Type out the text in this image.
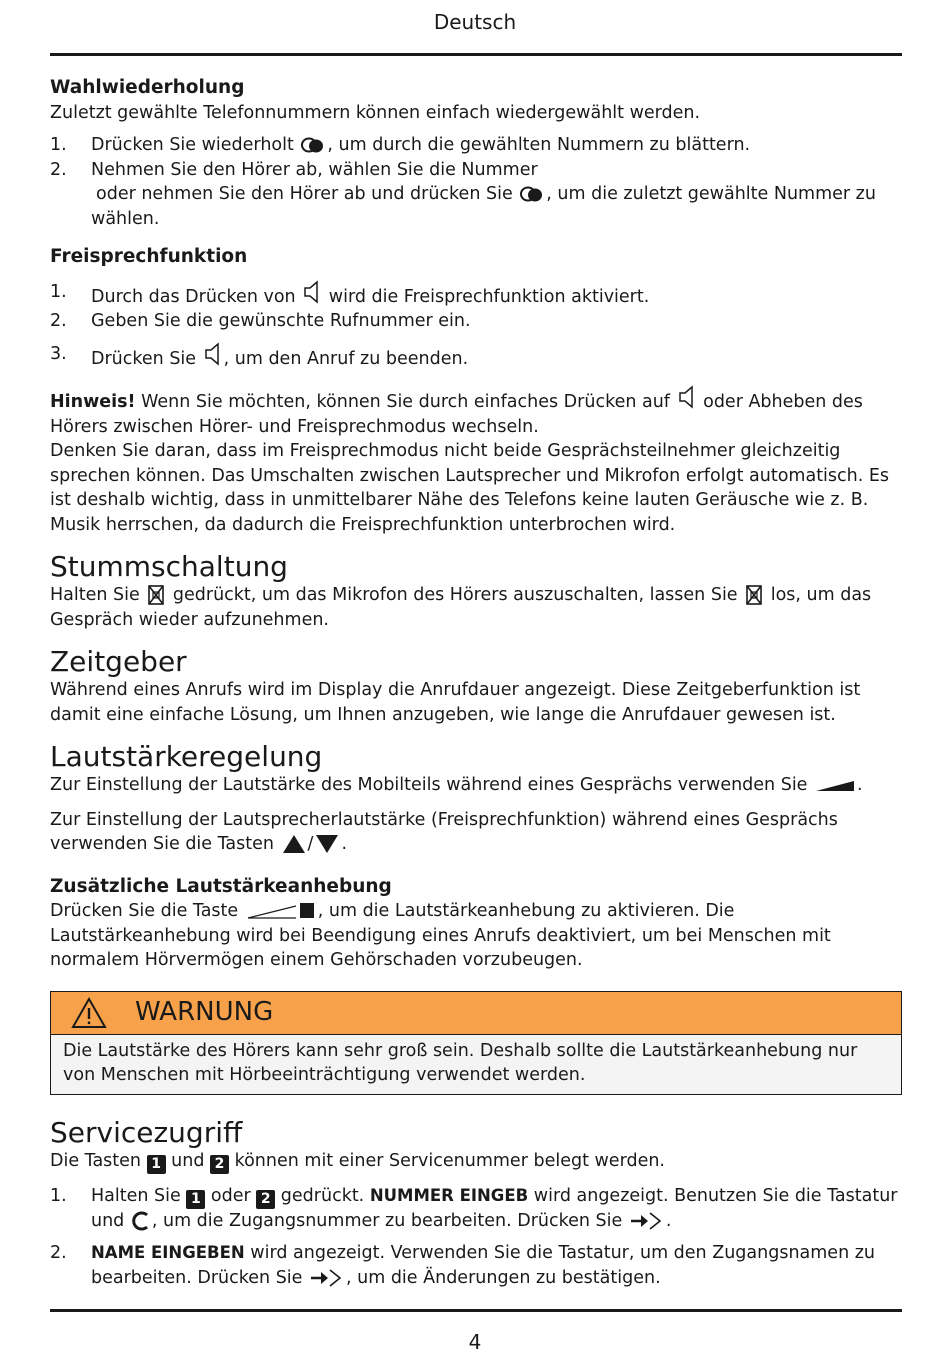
Deutsch

Wahlwiederholung

Zuletzt gewählte Telefonnummern können einfach wiedergewählt werden.

1.	Drücken Sie wiederholt , um durch die gewählten Nummern zu blättern.
2.	Nehmen Sie den Hörer ab, wählen Sie die Nummer
oder nehmen Sie den Hörer ab und drücken Sie , um die zuletzt gewählte Nummer zu wählen.

Freisprechfunktion

1.	Durch das Drücken von  wird die Freisprechfunktion aktiviert.
2.	Geben Sie die gewünschte Rufnummer ein.
3.	Drücken Sie , um den Anruf zu beenden.

Hinweis! Wenn Sie möchten, können Sie durch einfaches Drücken auf  oder Abheben des Hörers zwischen Hörer- und Freisprechmodus wechseln.

Denken Sie daran, dass im Freisprechmodus nicht beide Gesprächsteilnehmer gleichzeitig sprechen können. Das Umschalten zwischen Lautsprecher und Mikrofon erfolgt automatisch. Es ist deshalb wichtig, dass in unmittelbarer Nähe des Telefons keine lauten Geräusche wie z. B. Musik herrschen, da dadurch die Freisprechfunktion unterbrochen wird.

Stummschaltung

Halten Sie  gedrückt, um das Mikrofon des Hörers auszuschalten, lassen Sie  los, um das Gespräch wieder aufzunehmen.

Zeitgeber

Während eines Anrufs wird im Display die Anrufdauer angezeigt. Diese Zeitgeberfunktion ist damit eine einfache Lösung, um Ihnen anzugeben, wie lange die Anrufdauer gewesen ist.

Lautstärkeregelung

Zur Einstellung der Lautstärke des Mobilteils während eines Gesprächs verwenden Sie	.

Zur Einstellung der Lautsprecherlautstärke (Freisprechfunktion) während eines Gesprächs verwenden Sie die Tasten / .

Zusätzliche Lautstärkeanhebung

Drücken Sie die Taste	, um die Lautstärkeanhebung zu aktivieren. Die Lautstärkeanhebung wird bei Beendigung eines Anrufs deaktiviert, um bei Menschen mit normalem Hörvermögen einem Gehörschaden vorzubeugen.

WARNUNG
Die Lautstärke des Hörers kann sehr groß sein. Deshalb sollte die Lautstärkeanhebung nur von Menschen mit Hörbeeinträchtigung verwendet werden.
Servicezugriff

Die Tasten 1 und 2 können mit einer Servicenummer belegt werden.

1.	Halten Sie 1 oder 2 gedrückt. NUMMER EINGEB wird angezeigt. Benutzen Sie die Tastatur und , um die Zugangsnummer zu bearbeiten. Drücken Sie .
2.	NAME EINGEBEN wird angezeigt. Verwenden Sie die Tastatur, um den Zugangsnamen zu bearbeiten. Drücken Sie , um die Änderungen zu bestätigen.
4
